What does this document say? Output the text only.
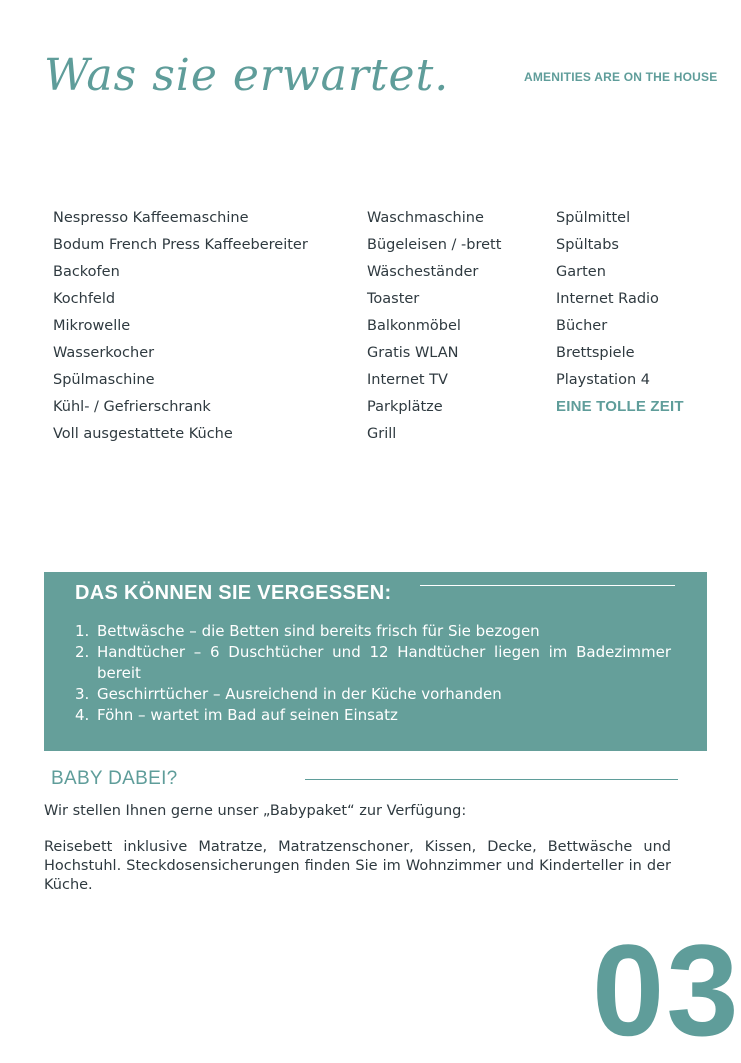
Was sie erwartet.	AMENITIES ARE ON THE HOUSE
Nespresso Kaffeemaschine
Bodum French Press Kaffeebereiter
Backofen
Kochfeld
Mikrowelle
Wasserkocher
Spülmaschine
Kühl- / Gefrierschrank
Voll ausgestattete Küche
Waschmaschine
Bügeleisen / -brett
Wäscheständer
Toaster
Balkonmöbel
Gratis WLAN
Internet TV
Parkplätze
Grill
Spülmittel
Spültabs
Garten
Internet Radio
Bücher
Brettspiele
Playstation 4
EINE TOLLE ZEIT
DAS KÖNNEN SIE VERGESSEN:
1. Bettwäsche – die Betten sind bereits frisch für Sie bezogen
2. Handtücher – 6 Duschtücher und 12 Handtücher liegen im Badezimmer bereit
3. Geschirrtücher – Ausreichend in der Küche vorhanden
4. Föhn – wartet im Bad auf seinen Einsatz
BABY DABEI?
Wir stellen Ihnen gerne unser „Babypaket“ zur Verfügung:
Reisebett inklusive Matratze, Matratzenschoner, Kissen, Decke, Bettwäsche und Hochstuhl. Steckdosensicherungen finden Sie im Wohnzimmer und Kinderteller in der Küche.
03
